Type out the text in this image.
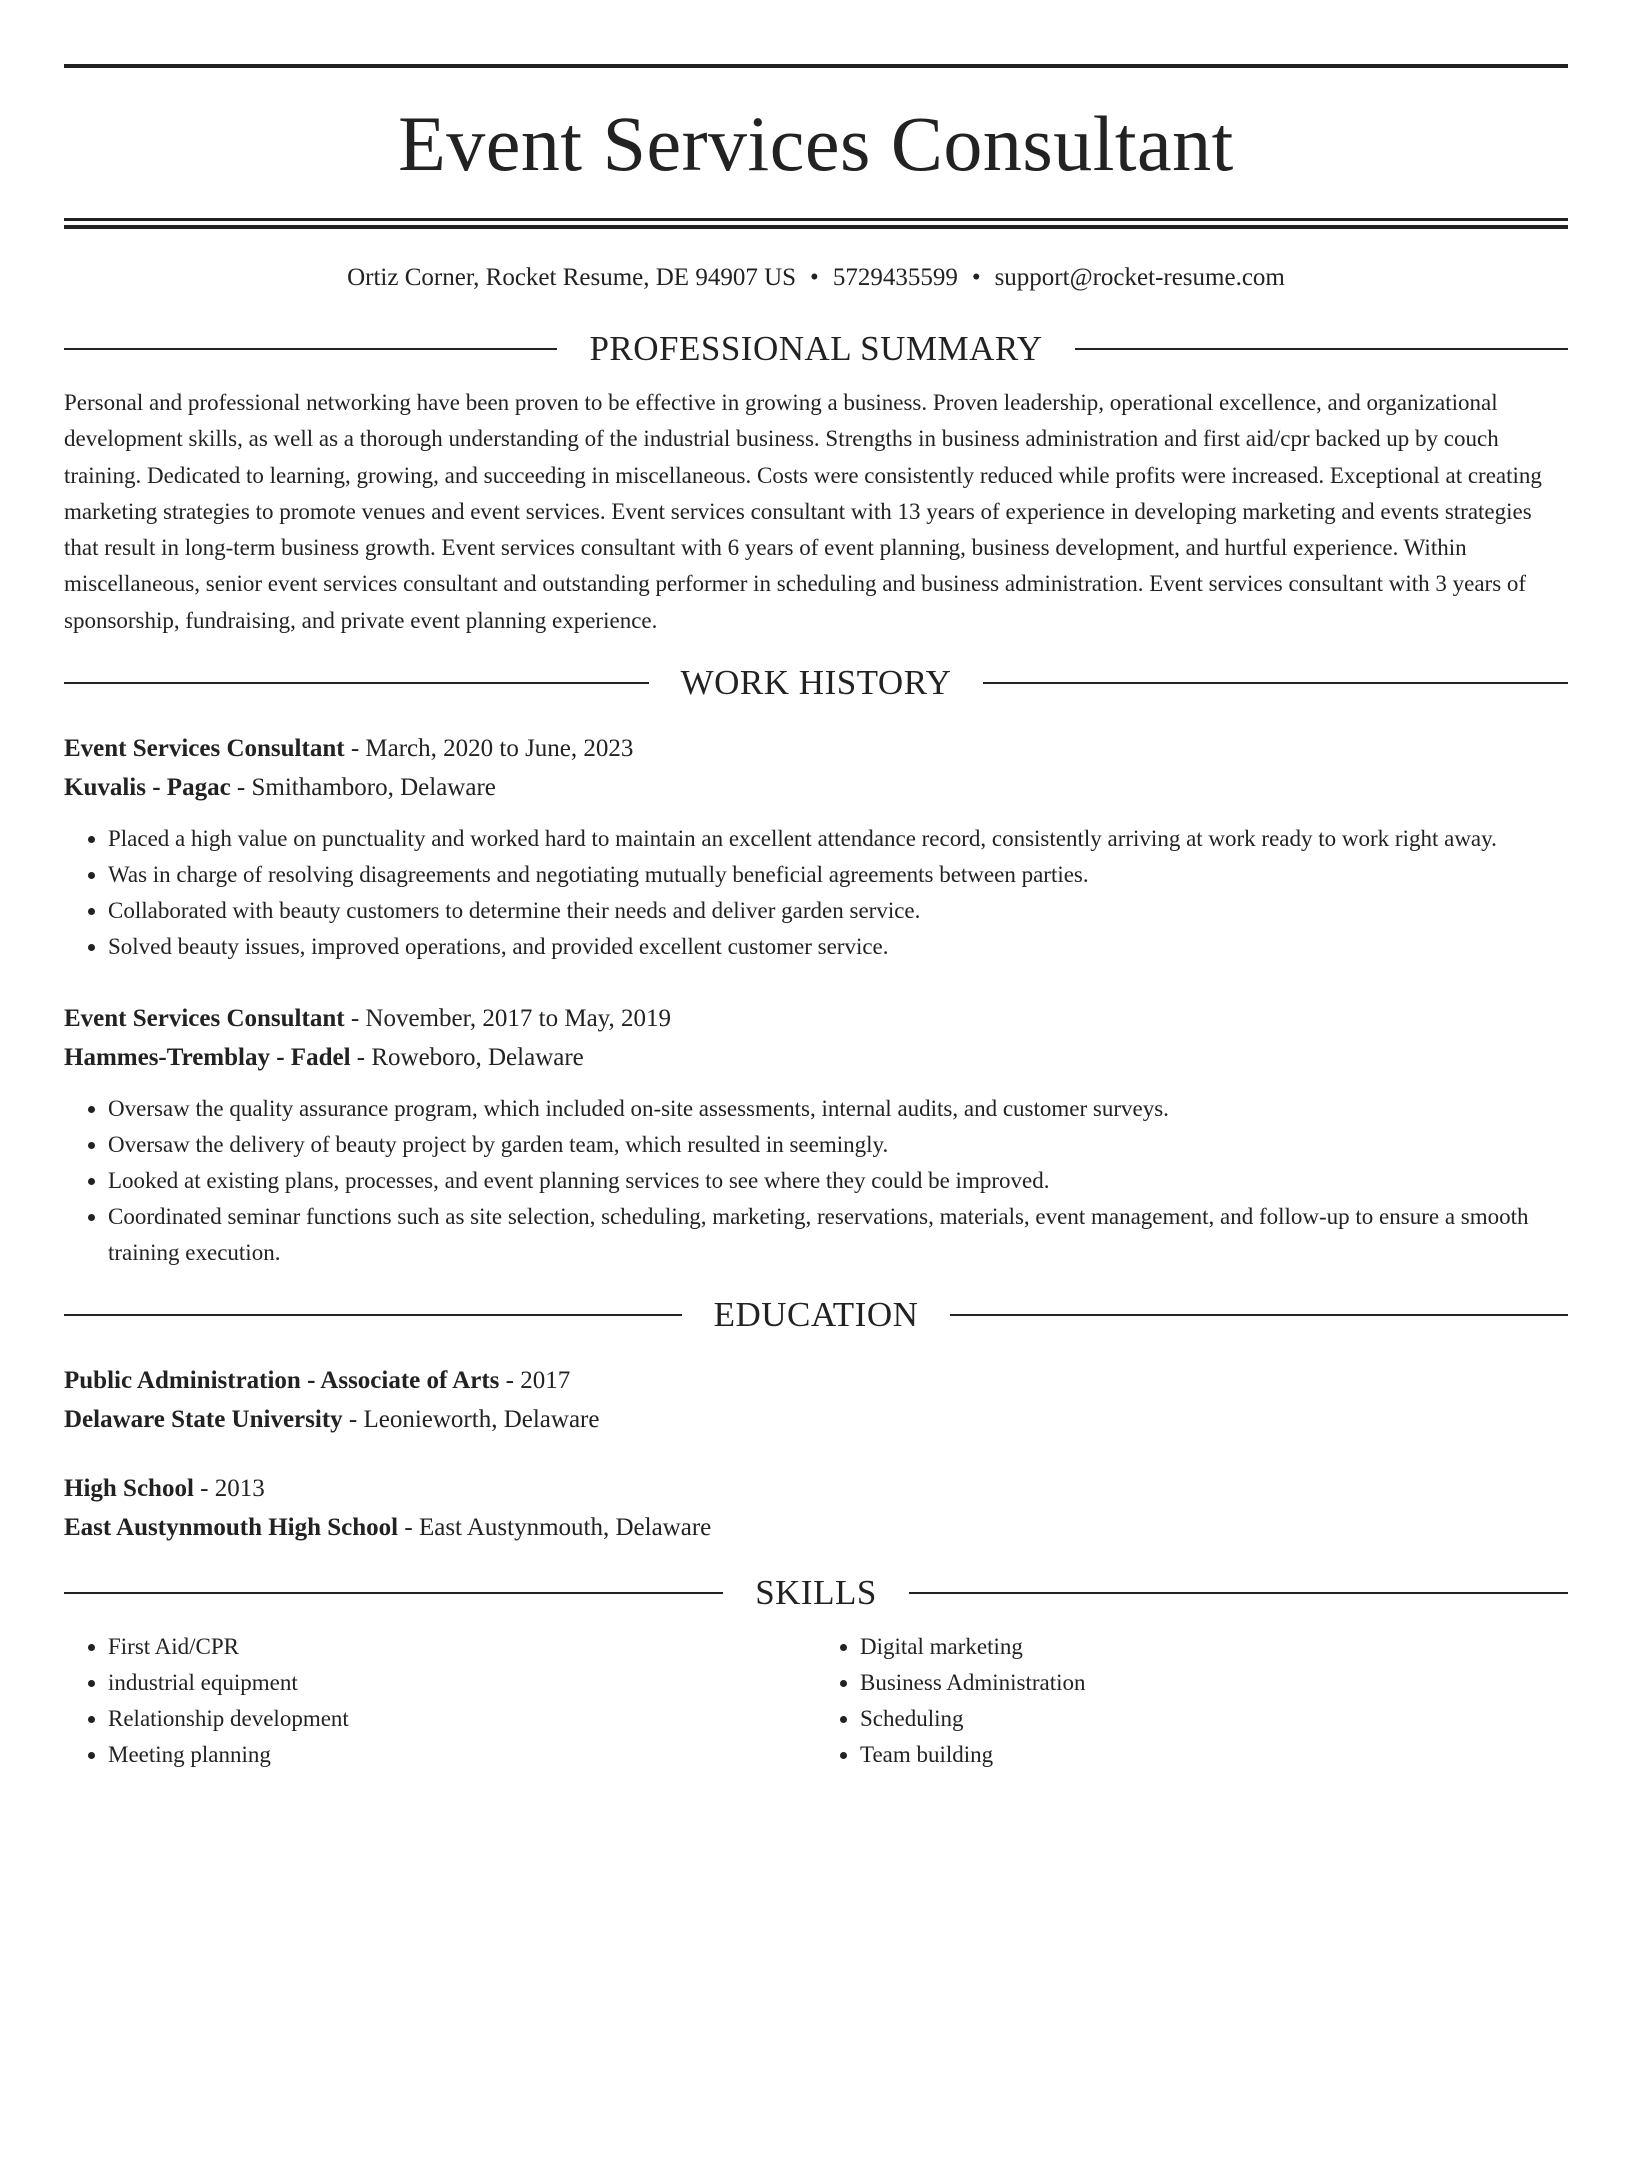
Event Services Consultant
Ortiz Corner, Rocket Resume, DE 94907 US • 5729435599 • support@rocket-resume.com
PROFESSIONAL SUMMARY

Personal and professional networking have been proven to be effective in growing a business. Proven leadership, operational excellence, and organizational development skills, as well as a thorough understanding of the industrial business. Strengths in business administration and first aid/cpr backed up by couch training. Dedicated to learning, growing, and succeeding in miscellaneous. Costs were consistently reduced while profits were increased. Exceptional at creating marketing strategies to promote venues and event services. Event services consultant with 13 years of experience in developing marketing and events strategies that result in long-term business growth. Event services consultant with 6 years of event planning, business development, and hurtful experience. Within miscellaneous, senior event services consultant and outstanding performer in scheduling and business administration. Event services consultant with 3 years of sponsorship, fundraising, and private event planning experience.

WORK HISTORY
Event Services Consultant - March, 2020 to June, 2023
Kuvalis - Pagac - Smithamboro, Delaware
• Placed a high value on punctuality and worked hard to maintain an excellent attendance record, consistently arriving at work ready to work right away.
• Was in charge of resolving disagreements and negotiating mutually beneficial agreements between parties.
• Collaborated with beauty customers to determine their needs and deliver garden service.
• Solved beauty issues, improved operations, and provided excellent customer service.
Event Services Consultant - November, 2017 to May, 2019
Hammes-Tremblay - Fadel - Roweboro, Delaware
• Oversaw the quality assurance program, which included on-site assessments, internal audits, and customer surveys.
• Oversaw the delivery of beauty project by garden team, which resulted in seemingly.
• Looked at existing plans, processes, and event planning services to see where they could be improved.
• Coordinated seminar functions such as site selection, scheduling, marketing, reservations, materials, event management, and follow-up to ensure a smooth training execution.
EDUCATION
Public Administration - Associate of Arts - 2017
Delaware State University - Leonieworth, Delaware
High School - 2013
East Austynmouth High School - East Austynmouth, Delaware
SKILLS
• First Aid/CPR
• industrial equipment
• Relationship development
• Meeting planning
• Digital marketing
• Business Administration
• Scheduling
• Team building
